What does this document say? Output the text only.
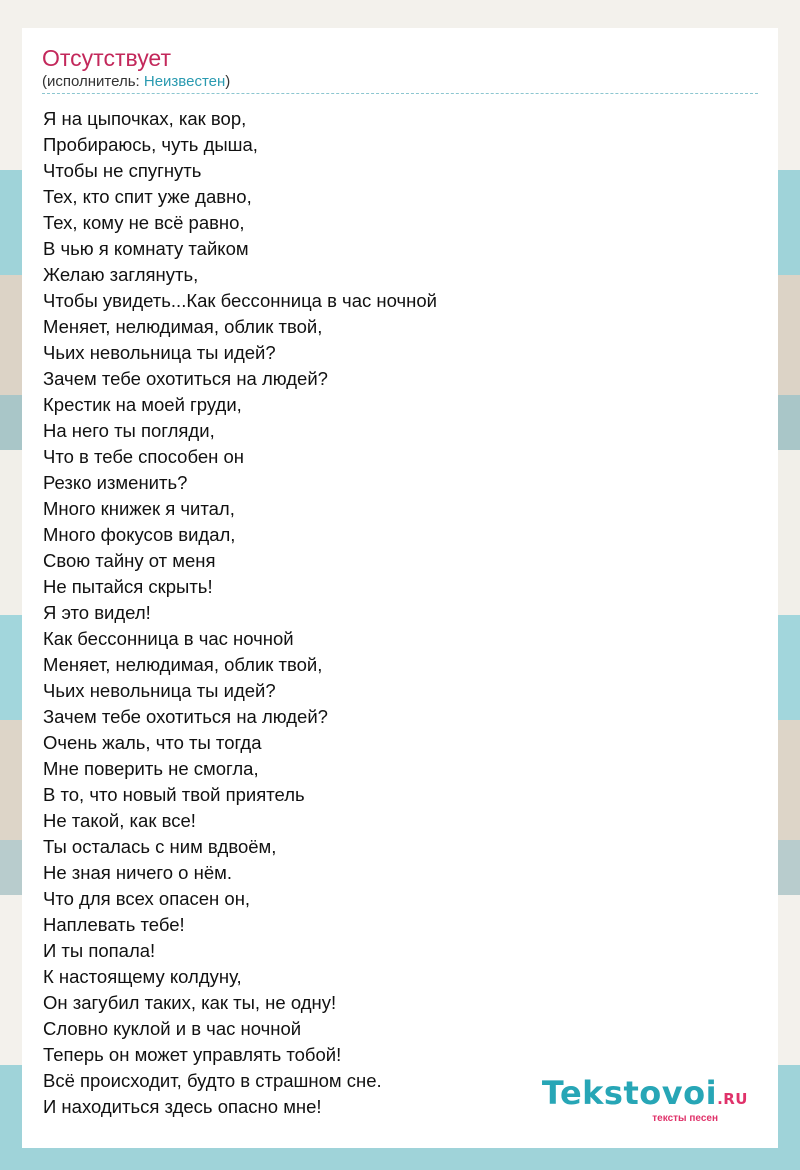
Отсутствует
(исполнитель: Неизвестен)
Я на цыпочках, как вор,
Пробираюсь, чуть дыша,
Чтобы не спугнуть
Тех, кто спит уже давно,
Тех, кому не всё равно,
В чью я комнату тайком
Желаю заглянуть,
Чтобы увидеть...Как бессонница в час ночной
Меняет, нелюдимая, облик твой,
Чьих невольница ты идей?
Зачем тебе охотиться на людей?
Крестик на моей груди,
На него ты погляди,
Что в тебе способен он
Резко изменить?
Много книжек я читал,
Много фокусов видал,
Свою тайну от меня
Не пытайся скрыть!
Я это видел!
Как бессонница в час ночной
Меняет, нелюдимая, облик твой,
Чьих невольница ты идей?
Зачем тебе охотиться на людей?
Очень жаль, что ты тогда
Мне поверить не смогла,
В то, что новый твой приятель
Не такой, как все!
Ты осталась с ним вдвоём,
Не зная ничего о нём.
Что для всех опасен он,
Наплевать тебе!
И ты попала!
К настоящему колдуну,
Он загубил таких, как ты, не одну!
Словно куклой и в час ночной
Теперь он может управлять тобой!
Всё происходит, будто в страшном сне.
И находиться здесь опасно мне!	Tekstovoi.RU
тексты песен
